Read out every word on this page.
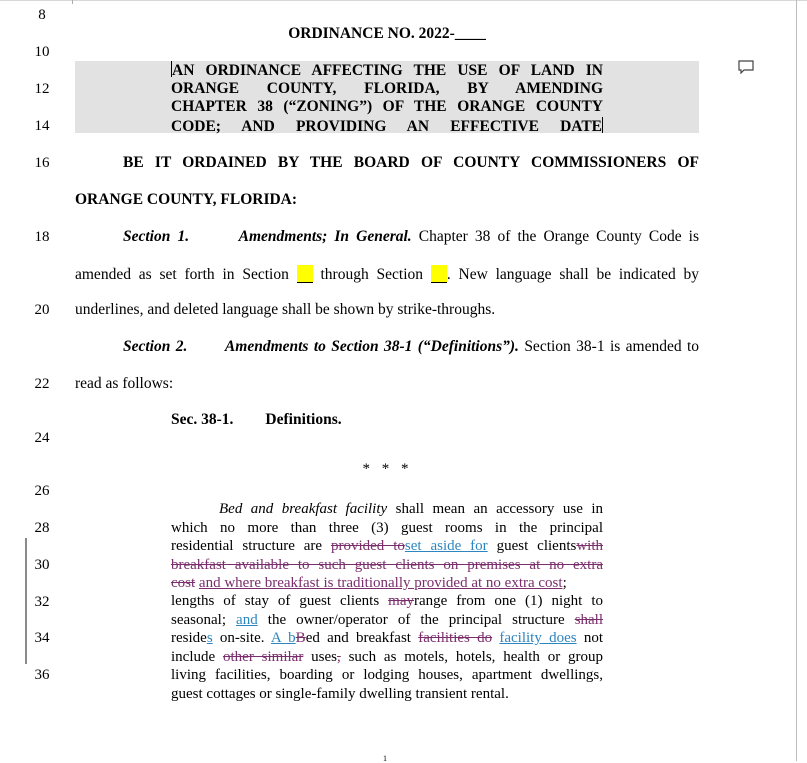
8
10
12
14
16
18
20
22
24
26
28
30
32
34
36
ORDINANCE NO. 2022-____
AN ORDINANCE AFFECTING THE USE OF LAND IN
ORANGE COUNTY, FLORIDA, BY AMENDING
CHAPTER 38 (“ZONING”) OF THE ORANGE COUNTY
CODE; AND PROVIDING AN EFFECTIVE DATE
BE IT ORDAINED BY THE BOARD OF COUNTY COMMISSIONERS OF
ORANGE COUNTY, FLORIDA:
Section 1.	Amendments; In General. Chapter 38 of the Orange County Code is
amended as set forth in Section through Section . New language shall be indicated by
underlines, and deleted language shall be shown by strike-throughs.
Section 2. Amendments to Section 38-1 (“Definitions”). Section 38-1 is amended to
read as follows:
Sec. 38-1. Definitions.
* * *
Bed and breakfast facility shall mean an accessory use in
which no more than three (3) guest rooms in the principal
residential structure are provided toset aside for guest clientswith
breakfast available to such guest clients on premises at no extra
cost and where breakfast is traditionally provided at no extra cost;
lengths of stay of guest clients mayrange from one (1) night to
seasonal; and the owner/operator of the principal structure shall
resides on-site. A bBed and breakfast facilities do facility does not
include other similar uses, such as motels, hotels, health or group
living facilities, boarding or lodging houses, apartment dwellings,
guest cottages or single-family dwelling transient rental.
1
